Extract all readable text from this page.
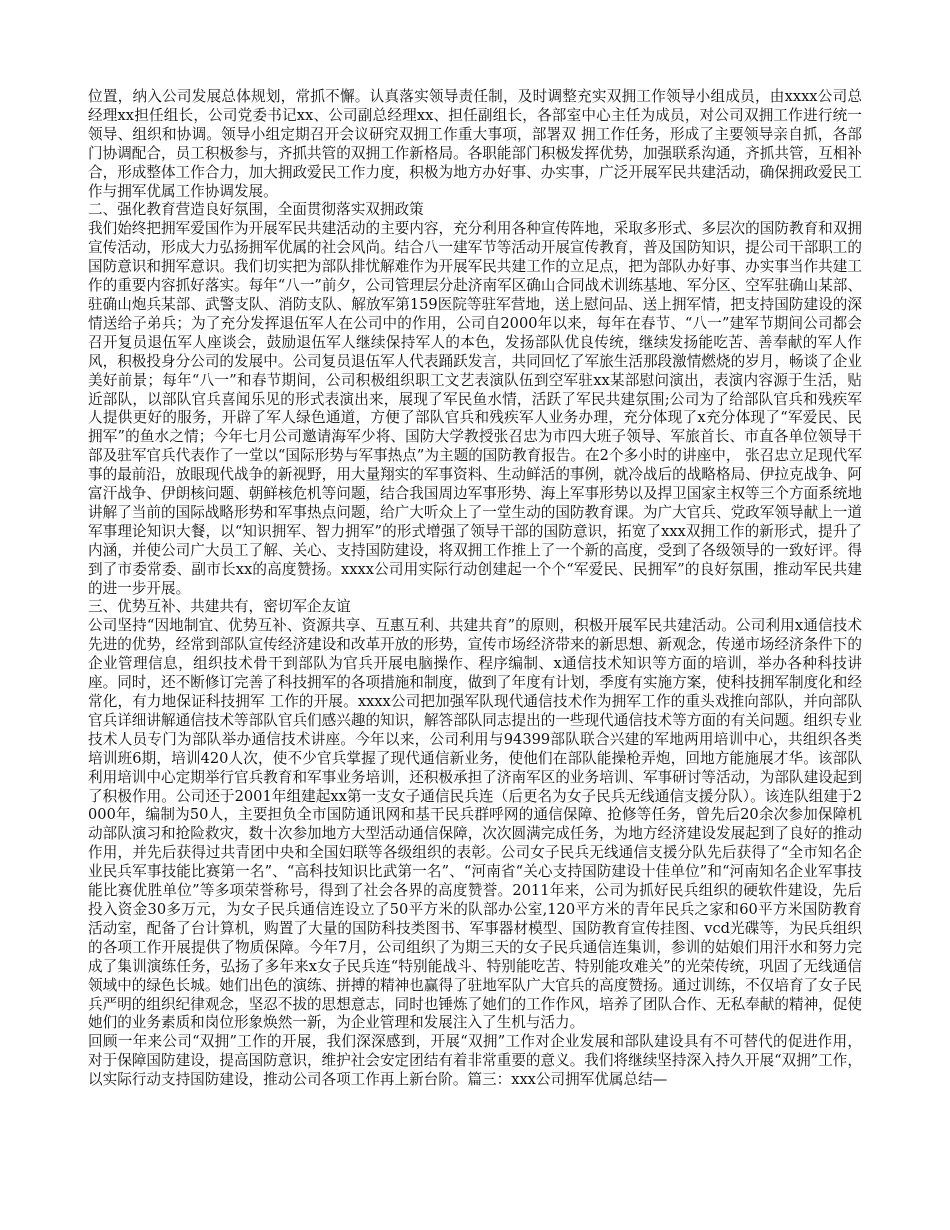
位置，纳入公司发展总体规划，常抓不懈。认真落实领导责任制，及时调整充实双拥工作领导小组成员，由xxxx公司总经理xx担任组长，公司党委书记xx、公司副总经理xx、担任副组长，各部室中心主任为成员，对公司双拥工作进行统一领导、组织和协调。领导小组定期召开会议研究双拥工作重大事项，部署双 拥工作任务，形成了主要领导亲自抓，各部门协调配合，员工积极参与，齐抓共管的双拥工作新格局。各职能部门积极发挥优势，加强联系沟通，齐抓共管，互相补合，形成整体工作合力，加大拥政爱民工作力度，积极为地方办好事、办实事，广泛开展军民共建活动，确保拥政爱民工作与拥军优属工作协调发展。

二、强化教育营造良好氛围，全面贯彻落实双拥政策

我们始终把拥军爱国作为开展军民共建活动的主要内容，充分利用各种宣传阵地，采取多形式、多层次的国防教育和双拥宣传活动，形成大力弘扬拥军优属的社会风尚。结合八一建军节等活动开展宣传教育，普及国防知识，提公司干部职工的国防意识和拥军意识。我们切实把为部队排忧解难作为开展军民共建工作的立足点，把为部队办好事、办实事当作共建工作的重要内容抓好落实。每年“八一”前夕，公司管理层分赴济南军区确山合同战术训练基地、军分区、空军驻确山某部、驻确山炮兵某部、武警支队、消防支队、解放军第159医院等驻军营地，送上慰问品、送上拥军情，把支持国防建设的深情送给子弟兵；为了充分发挥退伍军人在公司中的作用，公司自2000年以来，每年在春节、“八一”建军节期间公司都会召开复员退伍军人座谈会，鼓励退伍军人继续保持军人的本色，发扬部队优良传统，继续发扬能吃苦、善奉献的军人作风，积极投身分公司的发展中。公司复员退伍军人代表踊跃发言，共同回忆了军旅生活那段激情燃烧的岁月，畅谈了企业美好前景；每年“八一”和春节期间，公司积极组织职工文艺表演队伍到空军驻xx某部慰问演出，表演内容源于生活，贴近部队，以部队官兵喜闻乐见的形式表演出来，展现了军民鱼水情，活跃了军民共建氛围;公司为了给部队官兵和残疾军人提供更好的服务，开辟了军人绿色通道，方便了部队官兵和残疾军人业务办理，充分体现了x充分体现了“军爱民、民拥军”的鱼水之情；今年七月公司邀请海军少将、国防大学教授张召忠为市四大班子领导、军旅首长、市直各单位领导干部及驻军官兵代表作了一堂以“国际形势与军事热点”为主题的国防教育报告。在2个多小时的讲座中， 张召忠立足现代军事的最前沿，放眼现代战争的新视野，用大量翔实的军事资料、生动鲜活的事例，就冷战后的战略格局、伊拉克战争、阿富汗战争、伊朗核问题、朝鲜核危机等问题，结合我国周边军事形势、海上军事形势以及捍卫国家主权等三个方面系统地讲解了当前的国际战略形势和军事热点问题，给广大听众上了一堂生动的国防教育课。为广大官兵、党政军领导献上一道军事理论知识大餐，以“知识拥军、智力拥军”的形式增强了领导干部的国防意识，拓宽了xxx双拥工作的新形式，提升了内涵，并使公司广大员工了解、关心、支持国防建设，将双拥工作推上了一个新的高度，受到了各级领导的一致好评。得到了市委常委、副市长xx的高度赞扬。xxxx公司用实际行动创建起一个个“军爱民、民拥军”的良好氛围，推动军民共建的进一步开展。

三、优势互补、共建共有，密切军企友谊

公司坚持“因地制宜、优势互补、资源共享、互惠互利、共建共育”的原则，积极开展军民共建活动。公司利用x通信技术先进的优势，经常到部队宣传经济建设和改革开放的形势，宣传市场经济带来的新思想、新观念，传递市场经济条件下的企业管理信息，组织技术骨干到部队为官兵开展电脑操作、程序编制、x通信技术知识等方面的培训，举办各种科技讲座。同时，还不断修订完善了科技拥军的各项措施和制度，做到了年度有计划，季度有实施方案，使科技拥军制度化和经常化，有力地保证科技拥军 工作的开展。xxxx公司把加强军队现代通信技术作为拥军工作的重头戏推向部队，并向部队官兵详细讲解通信技术等部队官兵们感兴趣的知识，解答部队同志提出的一些现代通信技术等方面的有关问题。组织专业技术人员专门为部队举办通信技术讲座。今年以来，公司利用与94399部队联合兴建的军地两用培训中心，共组织各类培训班6期，培训420人次，使不少官兵掌握了现代通信新业务，使他们在部队能操枪弄炮，回地方能施展才华。该部队利用培训中心定期举行官兵教育和军事业务培训，还积极承担了济南军区的业务培训、军事研讨等活动，为部队建设起到了积极作用。公司还于2001年组建起xx第一支女子通信民兵连（后更名为女子民兵无线通信支援分队）。该连队组建于2000年，编制为50人，主要担负全市国防通讯网和基干民兵群呼网的通信保障、抢修等任务，曾先后20余次参加保障机动部队演习和抢险救灾，数十次参加地方大型活动通信保障，次次圆满完成任务，为地方经济建设发展起到了良好的推动作用，并先后获得过共青团中央和全国妇联等各级组织的表彰。公司女子民兵无线通信支援分队先后获得了“全市知名企业民兵军事技能比赛第一名”、“高科技知识比武第一名”、“河南省“关心支持国防建设十佳单位”和“河南知名企业军事技能比赛优胜单位”等多项荣誉称号，得到了社会各界的高度赞誉。2011年来，公司为抓好民兵组织的硬软件建设，先后投入资金30多万元，为女子民兵通信连设立了50平方米的队部办公室,120平方米的青年民兵之家和60平方米国防教育活动室，配备了台计算机，购置了大量的国防科技类图书、军事器材模型、国防教育宣传挂图、vcd光碟等，为民兵组织的各项工作开展提供了物质保障。今年7月，公司组织了为期三天的女子民兵通信连集训，参训的姑娘们用汗水和努力完成了集训演练任务，弘扬了多年来x女子民兵连“特别能战斗、特别能吃苦、特别能攻难关”的光荣传统，巩固了无线通信领域中的绿色长城。她们出色的演练、拼搏的精神也赢得了驻地军队广大官兵的高度赞扬。通过训练，不仅培育了女子民兵严明的组织纪律观念，坚忍不拔的思想意志，同时也锤炼了她们的工作作风，培养了团队合作、无私奉献的精神，促使她们的业务素质和岗位形象焕然一新，为企业管理和发展注入了生机与活力。

回顾一年来公司“双拥”工作的开展，我们深深感到，开展“双拥”工作对企业发展和部队建设具有不可替代的促进作用，对于保障国防建设，提高国防意识，维护社会安定团结有着非常重要的意义。我们将继续坚持深入持久开展“双拥”工作，以实际行动支持国防建设，推动公司各项工作再上新台阶。篇三：xxx公司拥军优属总结—
